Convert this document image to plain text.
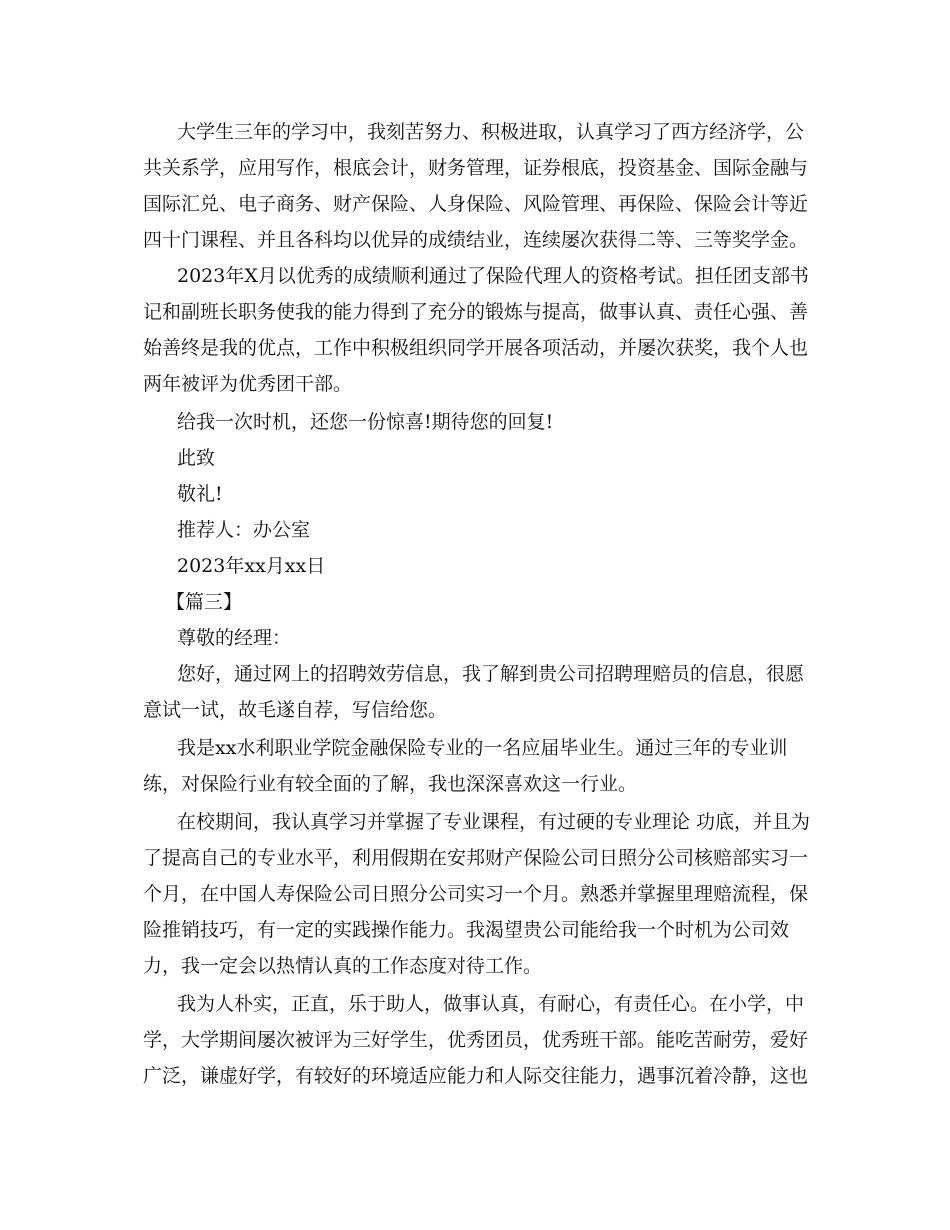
大学生三年的学习中，我刻苦努力、积极进取，认真学习了西方经济学，公

共关系学，应用写作，根底会计，财务管理，证券根底，投资基金、国际金融与

国际汇兑、电子商务、财产保险、人身保险、风险管理、再保险、保险会计等近

四十门课程、并且各科均以优异的成绩结业，连续屡次获得二等、三等奖学金。

2023年X月以优秀的成绩顺利通过了保险代理人的资格考试。担任团支部书

记和副班长职务使我的能力得到了充分的锻炼与提高，做事认真、责任心强、善

始善终是我的优点，工作中积极组织同学开展各项活动，并屡次获奖，我个人也

两年被评为优秀团干部。

给我一次时机，还您一份惊喜!期待您的回复!

此致

敬礼!

推荐人：办公室

2023年xx月xx日

【篇三】

尊敬的经理：

您好，通过网上的招聘效劳信息，我了解到贵公司招聘理赔员的信息，很愿

意试一试，故毛遂自荐，写信给您。

我是xx水利职业学院金融保险专业的一名应届毕业生。通过三年的专业训

练，对保险行业有较全面的了解，我也深深喜欢这一行业。

在校期间，我认真学习并掌握了专业课程，有过硬的专业理论 功底，并且为

了提高自己的专业水平，利用假期在安邦财产保险公司日照分公司核赔部实习一

个月，在中国人寿保险公司日照分公司实习一个月。熟悉并掌握里理赔流程，保

险推销技巧，有一定的实践操作能力。我渴望贵公司能给我一个时机为公司效

力，我一定会以热情认真的工作态度对待工作。

我为人朴实，正直，乐于助人，做事认真，有耐心，有责任心。在小学，中

学，大学期间屡次被评为三好学生，优秀团员，优秀班干部。能吃苦耐劳，爱好

广泛，谦虚好学，有较好的环境适应能力和人际交往能力，遇事沉着冷静，这也
